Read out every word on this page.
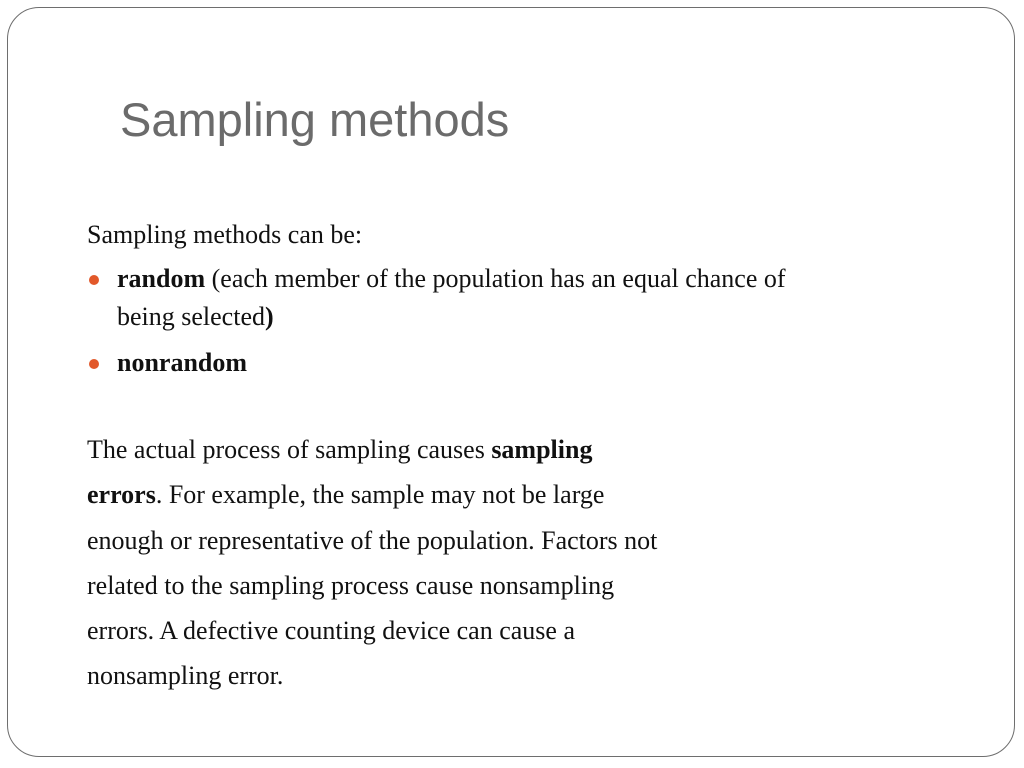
Sampling methods

Sampling methods can be:

random (each member of the population has an equal chance of
being selected)
nonrandom
The actual process of sampling causes sampling
errors. For example, the sample may not be large
enough or representative of the population. Factors not
related to the sampling process cause nonsampling
errors. A defective counting device can cause a
nonsampling error.
